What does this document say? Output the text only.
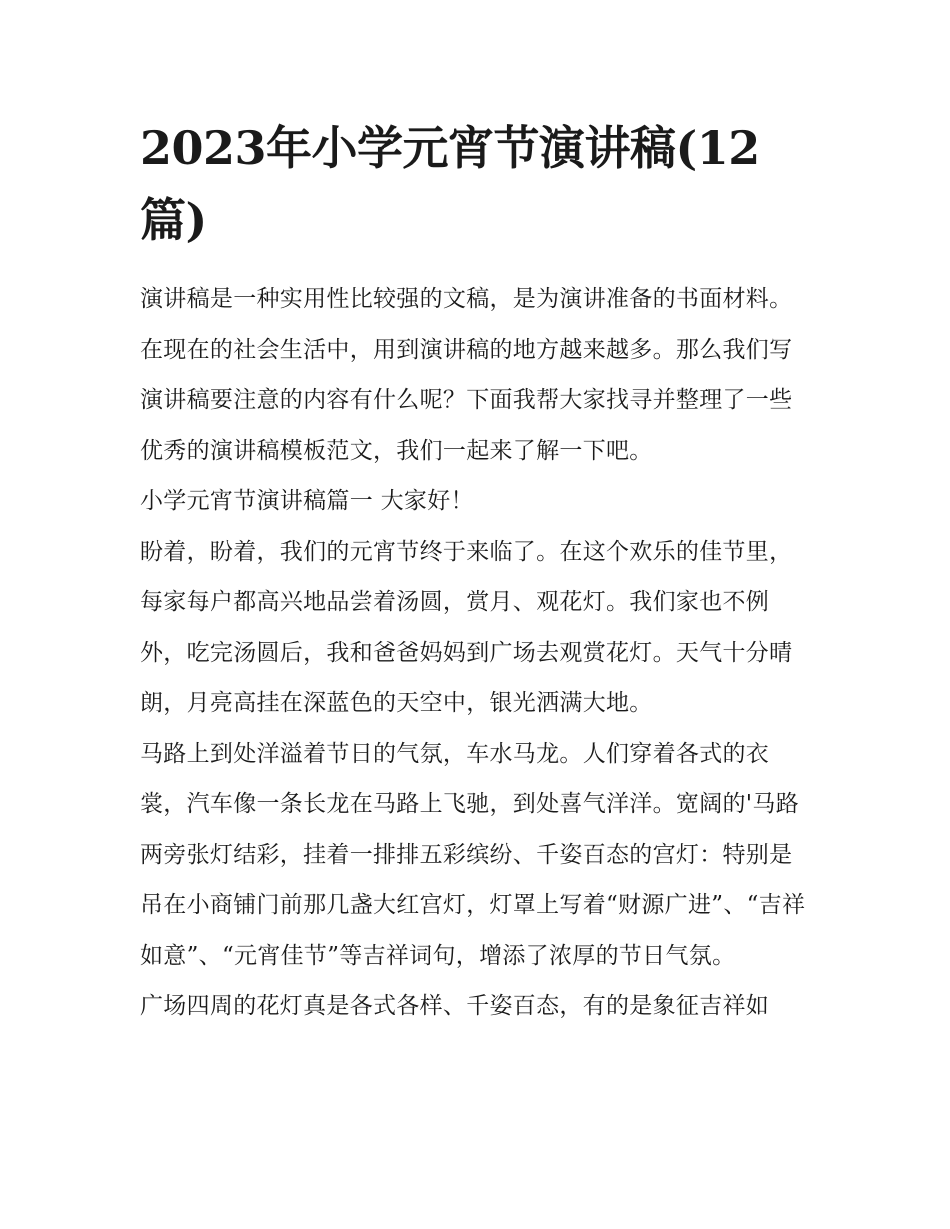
2023年小学元宵节演讲稿(12篇)

演讲稿是一种实用性比较强的文稿，是为演讲准备的书面材料。在现在的社会生活中，用到演讲稿的地方越来越多。那么我们写演讲稿要注意的内容有什么呢？下面我帮大家找寻并整理了一些优秀的演讲稿模板范文，我们一起来了解一下吧。

小学元宵节演讲稿篇一 大家好！

盼着，盼着，我们的元宵节终于来临了。在这个欢乐的佳节里，每家每户都高兴地品尝着汤圆，赏月、观花灯。我们家也不例外，吃完汤圆后，我和爸爸妈妈到广场去观赏花灯。天气十分晴朗，月亮高挂在深蓝色的天空中，银光洒满大地。

马路上到处洋溢着节日的气氛，车水马龙。人们穿着各式的衣裳，汽车像一条长龙在马路上飞驰，到处喜气洋洋。宽阔的'马路两旁张灯结彩，挂着一排排五彩缤纷、千姿百态的宫灯：特别是吊在小商铺门前那几盏大红宫灯，灯罩上写着“财源广进”、“吉祥如意”、“元宵佳节”等吉祥词句，增添了浓厚的节日气氛。

广场四周的花灯真是各式各样、千姿百态，有的是象征吉祥如
